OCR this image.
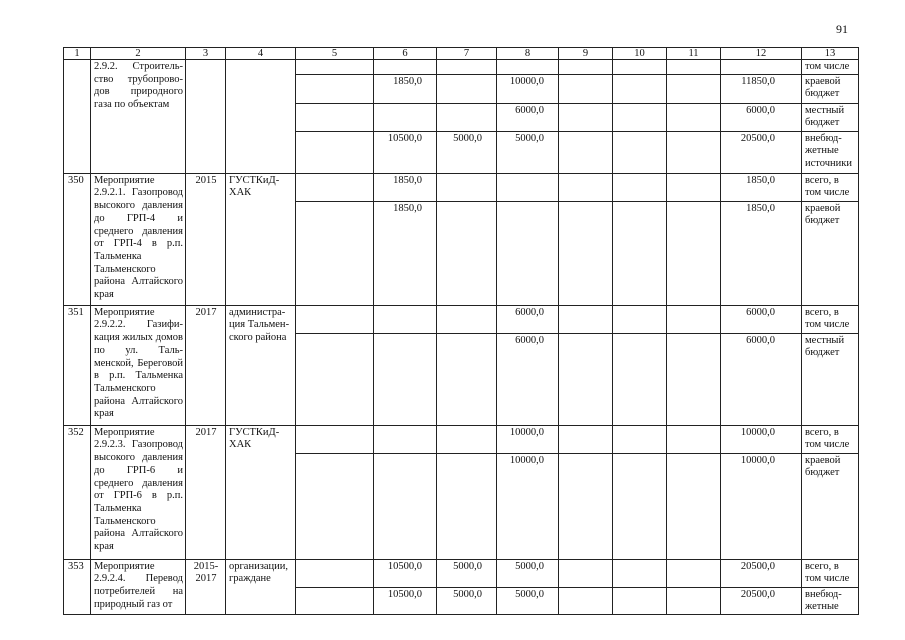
91
1	2	3	4	5	6	7	8	9	10	11	12	13
	2.9.2. Строительство трубопроводов природного газа по объектам											том числе
					1850,0		10000,0				11850,0	краевой бюджет
							6000,0				6000,0	местный бюджет
					10500,0	5000,0	5000,0				20500,0	внебюджетные источники
350	Мероприятие 2.9.2.1. Газопровод высокого давления до ГРП-4 и среднего давления от ГРП-4 в р.п. Тальменка Тальменского района Алтайского края	2015	ГУСТКиДХАК		1850,0						1850,0	всего, в том числе
					1850,0						1850,0	краевой бюджет
351	Мероприятие 2.9.2.2. Газификация жилых домов по ул. Тальменской, Береговой в р.п. Тальменка Тальменского района Алтайского края	2017	администрация Тальменского района				6000,0				6000,0	всего, в том числе
							6000,0				6000,0	местный бюджет
352	Мероприятие 2.9.2.3. Газопровод высокого давления до ГРП-6 и среднего давления от ГРП-6 в р.п. Тальменка Тальменского района Алтайского края	2017	ГУСТКиДХАК				10000,0				10000,0	всего, в том числе
							10000,0				10000,0	краевой бюджет
353	Мероприятие 2.9.2.4. Перевод потребителей на природный газ от	2015-2017	организации, граждане		10500,0	5000,0	5000,0				20500,0	всего, в том числе
					10500,0	5000,0	5000,0				20500,0	внебюджетные
